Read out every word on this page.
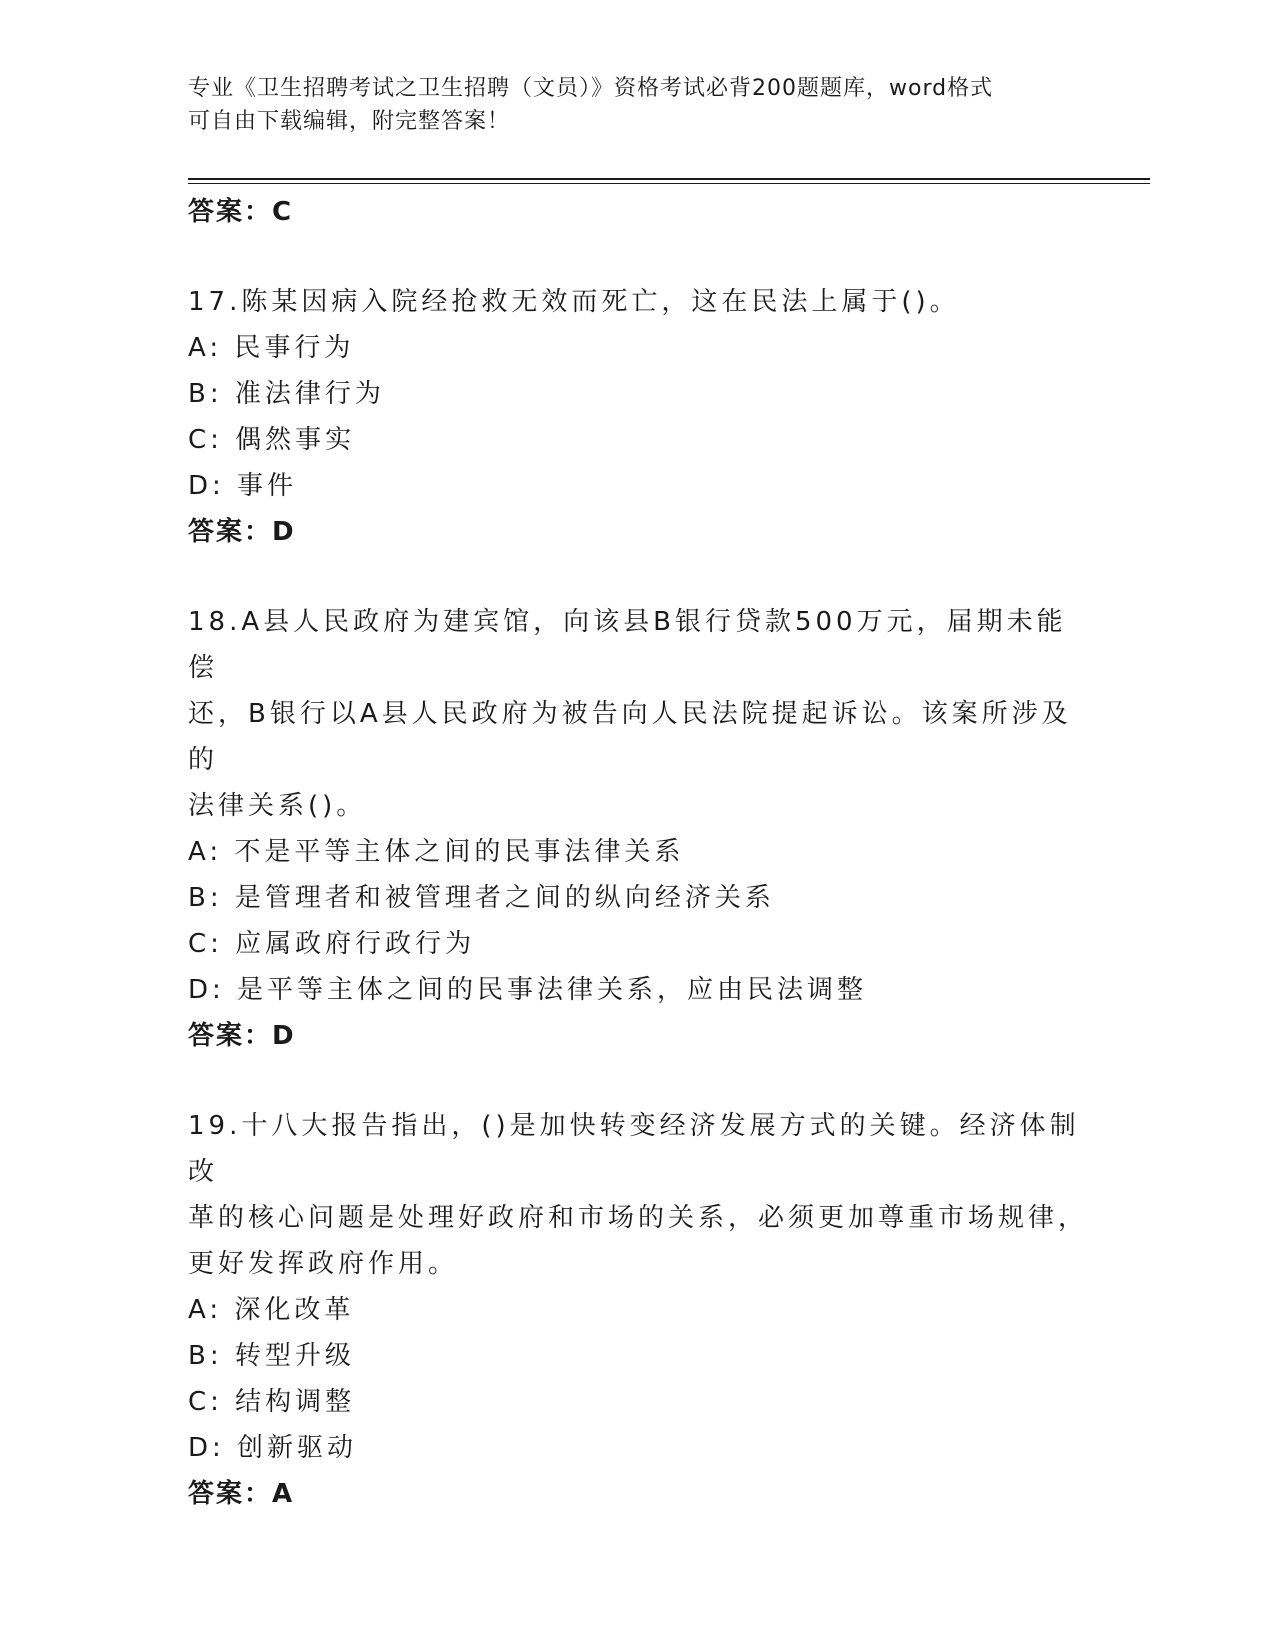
专业《卫生招聘考试之卫生招聘（文员）》资格考试必背200题题库，word格式
可自由下载编辑，附完整答案！
答案：C
17.陈某因病入院经抢救无效而死亡，这在民法上属于()。
A: 民事行为
B: 准法律行为
C: 偶然事实
D: 事件
答案：D
18.A县人民政府为建宾馆，向该县B银行贷款500万元，届期未能偿
还，B银行以A县人民政府为被告向人民法院提起诉讼。该案所涉及的
法律关系()。
A: 不是平等主体之间的民事法律关系
B: 是管理者和被管理者之间的纵向经济关系
C: 应属政府行政行为
D: 是平等主体之间的民事法律关系，应由民法调整
答案：D
19.十八大报告指出，()是加快转变经济发展方式的关键。经济体制改
革的核心问题是处理好政府和市场的关系，必须更加尊重市场规律，
更好发挥政府作用。
A: 深化改革
B: 转型升级
C: 结构调整
D: 创新驱动
答案：A
